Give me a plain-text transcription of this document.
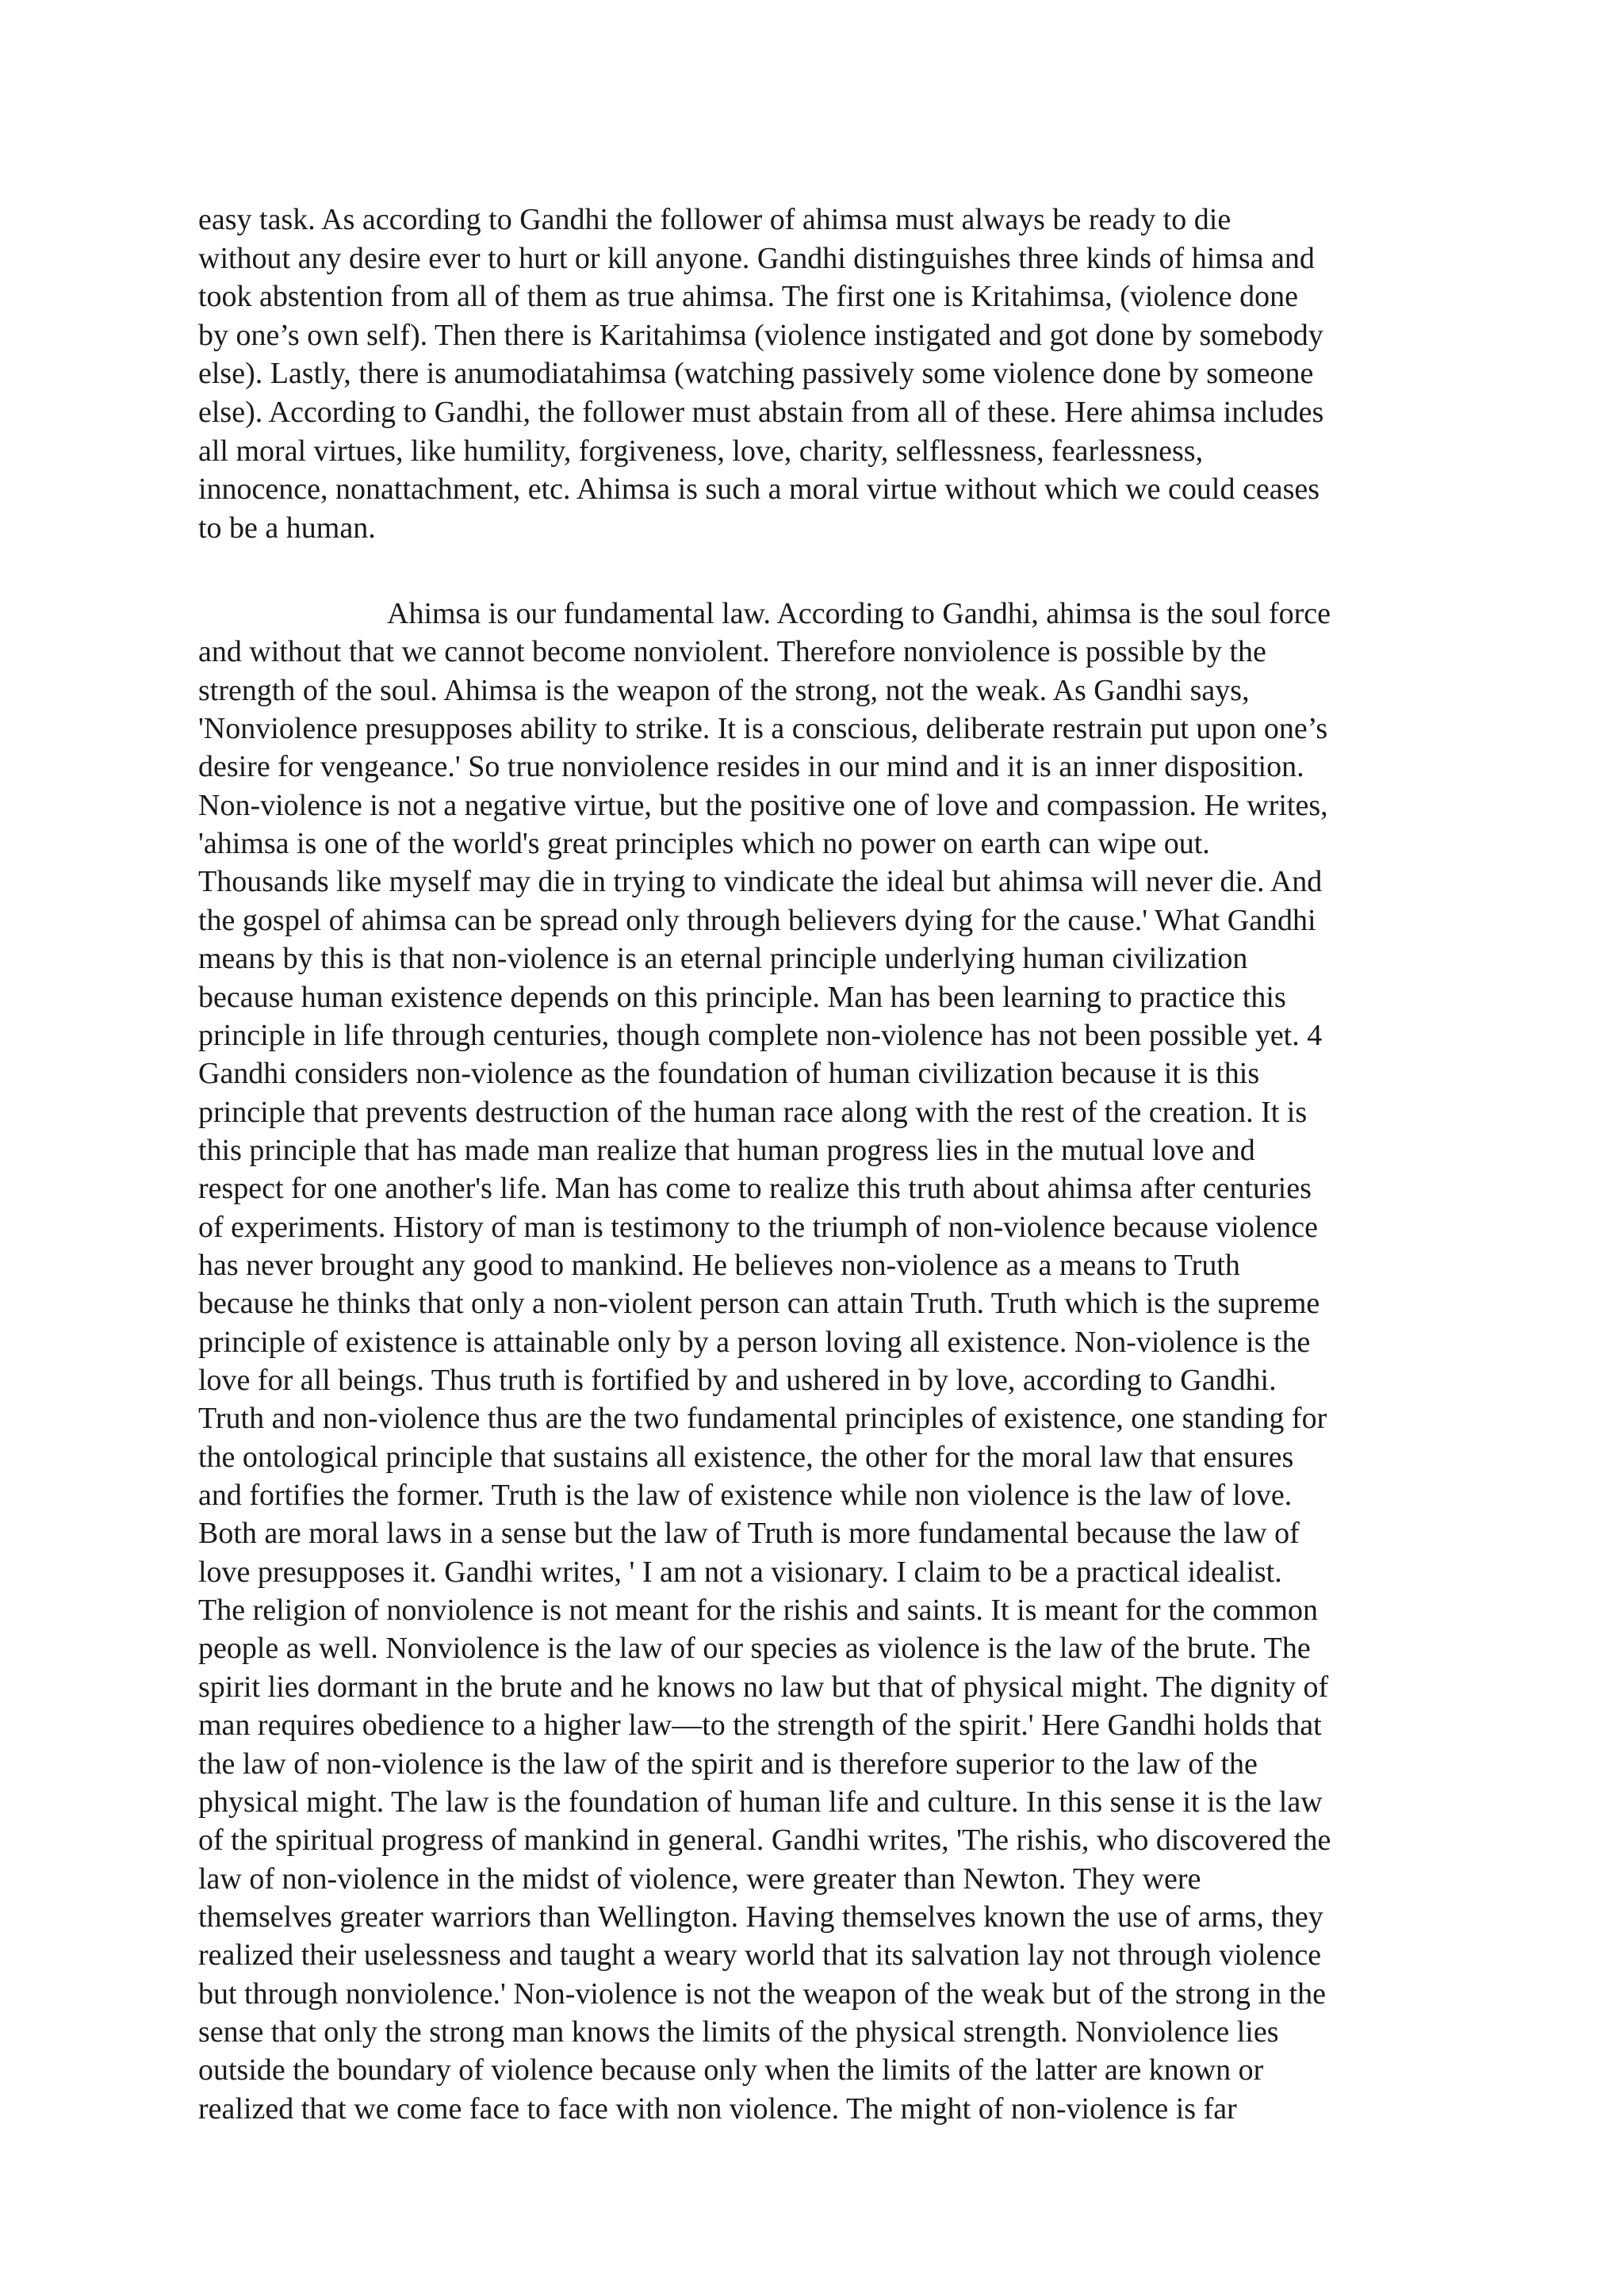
easy task. As according to Gandhi the follower of ahimsa must always be ready to die

without any desire ever to hurt or kill anyone. Gandhi distinguishes three kinds of himsa and

took abstention from all of them as true ahimsa. The first one is Kritahimsa, (violence done

by one’s own self). Then there is Karitahimsa (violence instigated and got done by somebody

else). Lastly, there is anumodiatahimsa (watching passively some violence done by someone

else). According to Gandhi, the follower must abstain from all of these. Here ahimsa includes

all moral virtues, like humility, forgiveness, love, charity, selflessness, fearlessness,

innocence, nonattachment, etc. Ahimsa is such a moral virtue without which we could ceases

to be a human.

Ahimsa is our fundamental law. According to Gandhi, ahimsa is the soul force

and without that we cannot become nonviolent. Therefore nonviolence is possible by the

strength of the soul. Ahimsa is the weapon of the strong, not the weak. As Gandhi says,

'Nonviolence presupposes ability to strike. It is a conscious, deliberate restrain put upon one’s

desire for vengeance.' So true nonviolence resides in our mind and it is an inner disposition.

Non-violence is not a negative virtue, but the positive one of love and compassion. He writes,

'ahimsa is one of the world's great principles which no power on earth can wipe out.

Thousands like myself may die in trying to vindicate the ideal but ahimsa will never die. And

the gospel of ahimsa can be spread only through believers dying for the cause.' What Gandhi

means by this is that non-violence is an eternal principle underlying human civilization

because human existence depends on this principle. Man has been learning to practice this

principle in life through centuries, though complete non-violence has not been possible yet. 4

Gandhi considers non-violence as the foundation of human civilization because it is this

principle that prevents destruction of the human race along with the rest of the creation. It is

this principle that has made man realize that human progress lies in the mutual love and

respect for one another's life. Man has come to realize this truth about ahimsa after centuries

of experiments. History of man is testimony to the triumph of non-violence because violence

has never brought any good to mankind. He believes non-violence as a means to Truth

because he thinks that only a non-violent person can attain Truth. Truth which is the supreme

principle of existence is attainable only by a person loving all existence. Non-violence is the

love for all beings. Thus truth is fortified by and ushered in by love, according to Gandhi.

Truth and non-violence thus are the two fundamental principles of existence, one standing for

the ontological principle that sustains all existence, the other for the moral law that ensures

and fortifies the former. Truth is the law of existence while non violence is the law of love.

Both are moral laws in a sense but the law of Truth is more fundamental because the law of

love presupposes it. Gandhi writes, ' I am not a visionary. I claim to be a practical idealist.

The religion of nonviolence is not meant for the rishis and saints. It is meant for the common

people as well. Nonviolence is the law of our species as violence is the law of the brute. The

spirit lies dormant in the brute and he knows no law but that of physical might. The dignity of

man requires obedience to a higher law—to the strength of the spirit.' Here Gandhi holds that

the law of non-violence is the law of the spirit and is therefore superior to the law of the

physical might. The law is the foundation of human life and culture. In this sense it is the law

of the spiritual progress of mankind in general. Gandhi writes, 'The rishis, who discovered the

law of non-violence in the midst of violence, were greater than Newton. They were

themselves greater warriors than Wellington. Having themselves known the use of arms, they

realized their uselessness and taught a weary world that its salvation lay not through violence

but through nonviolence.' Non-violence is not the weapon of the weak but of the strong in the

sense that only the strong man knows the limits of the physical strength. Nonviolence lies

outside the boundary of violence because only when the limits of the latter are known or

realized that we come face to face with non violence. The might of non-violence is far
